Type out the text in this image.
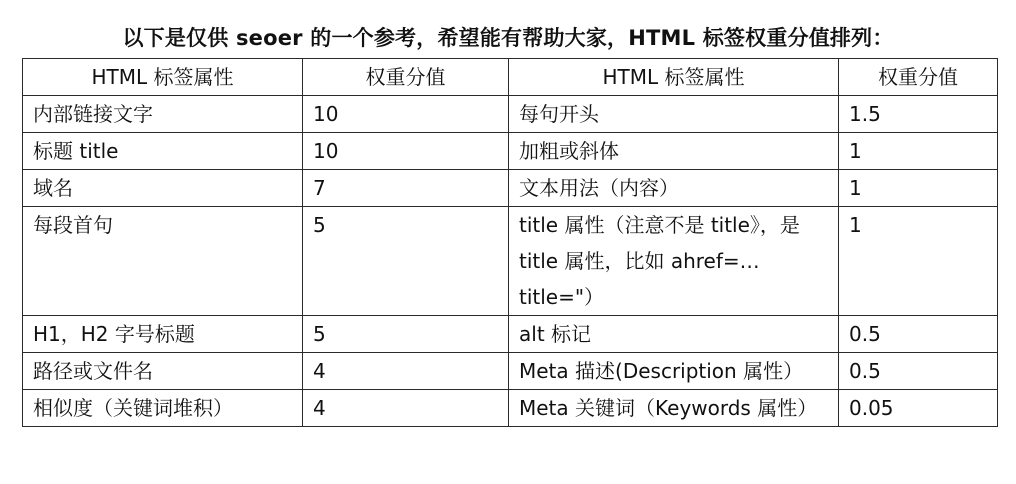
以下是仅供 seoer 的一个参考，希望能有帮助大家，HTML 标签权重分值排列：
HTML 标签属性	权重分值	HTML 标签属性	权重分值
内部链接文字	10	每句开头	1.5
标题 title	10	加粗或斜体	1
域名	7	文本用法（内容）	1
每段首句	5	title 属性（注意不是 title》，是 title 属性，比如 ahref=… title="）	1
H1，H2 字号标题	5	alt 标记	0.5
路径或文件名	4	Meta 描述(Description 属性）	0.5
相似度（关键词堆积）	4	Meta 关键词（Keywords 属性）	0.05
